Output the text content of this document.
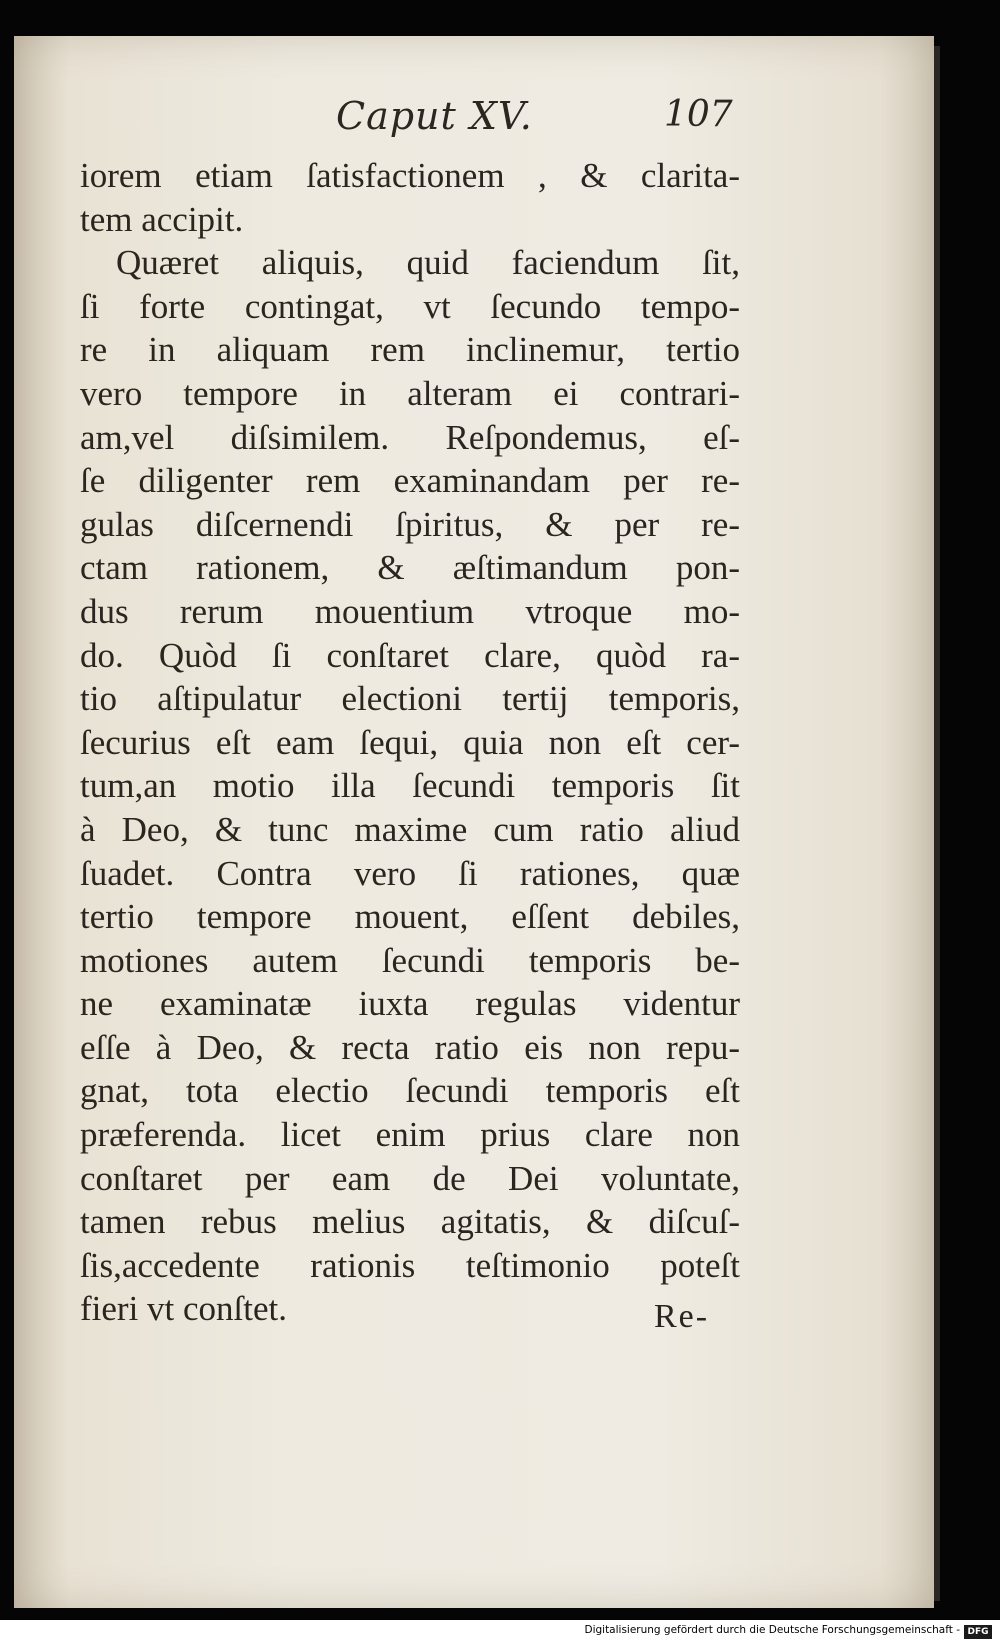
Caput XV.	107
iorem etiam ſatisfactionem , & clarita-
tem accipit.
Quæret aliquis, quid faciendum ſit,
ſi forte contingat, vt ſecundo tempo-
re in aliquam rem inclinemur, tertio
vero tempore in alteram ei contrari-
am,vel diſsimilem. Reſpondemus, eſ-
ſe diligenter rem examinandam per re-
gulas diſcernendi ſpiritus, & per re-
ctam rationem, & æſtimandum pon-
dus rerum mouentium vtroque mo-
do. Quòd ſi conſtaret clare, quòd ra-
tio aſtipulatur electioni tertij temporis,
ſecurius eſt eam ſequi, quia non eſt cer-
tum,an motio illa ſecundi temporis ſit
à Deo, & tunc maxime cum ratio aliud
ſuadet. Contra vero ſi rationes, quæ
tertio tempore mouent, eſſent debiles,
motiones autem ſecundi temporis be-
ne examinatæ iuxta regulas videntur
eſſe à Deo, & recta ratio eis non repu-
gnat, tota electio ſecundi temporis eſt
præferenda. licet enim prius clare non
conſtaret per eam de Dei voluntate,
tamen rebus melius agitatis, & diſcuſ-
ſis,accedente rationis teſtimonio poteſt
fieri vt conſtet.	Re-
Digitalisierung gefördert durch die Deutsche Forschungsgemeinschaft - DFG
